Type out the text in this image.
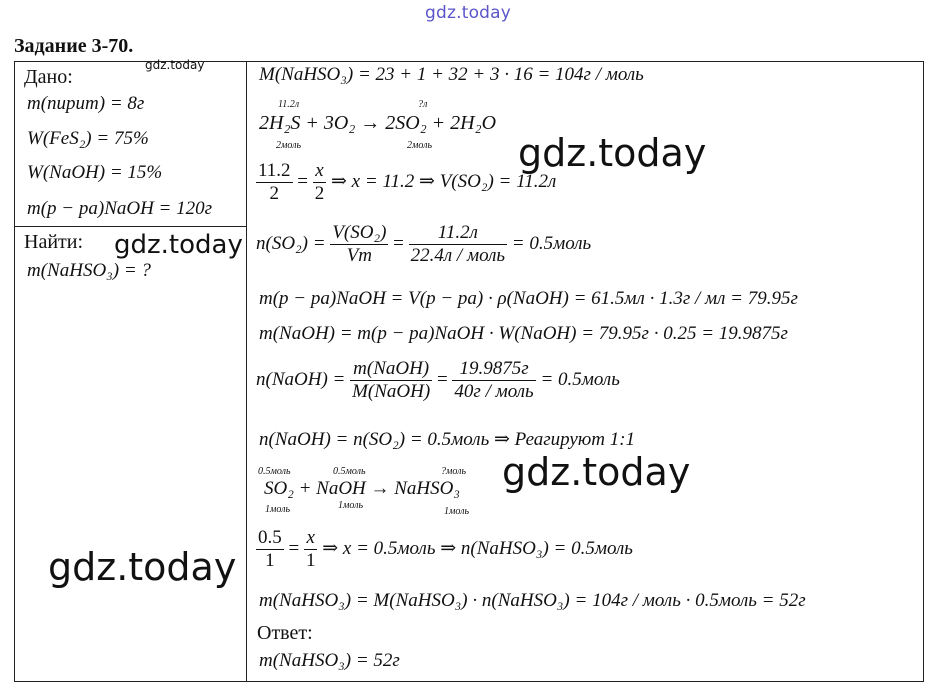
gdz.today
Задание 3-70.
Дано:
gdz.today
m(пирит) = 8г
W(FeS₂) = 75%
W(NaOH) = 15%
m(p − pa)NaOH = 120г
Найти:
m(NaHSO₃) = ?
gdz.today
M(NaHSO₃) = 23 + 1 + 32 + 3 · 16 = 104г / моль
11.2л	?л
2H₂S + 3O₂ → 2SO₂ + 2H₂O
2моль	2моль gdz.today
$\frac{11.2}{2} = \frac{x}{2}$ ⇒ x = 11.2 ⇒ V(SO₂) = 11.2л
$n(SO_2) = \frac{\text{V(SO₂)}}{Vm} = \frac{11.2л}{\text{22.4л / моль}}$ = 0.5моль
m(p − pa)NaOH = V(p − pa) · ρ(NaOH) = 61.5мл · 1.3г / мл = 79.95г
m(NaOH) = m(p − pa)NaOH · W(NaOH) = 79.95г · 0.25 = 19.9875г
n(NaOH) = $\frac{\text{m(NaOH)}}{\text{M(NaOH)}} = \frac{19.9875г}{\text{40г / моль}}$ = 0.5моль
n(NaOH) = n(SO₂) = 0.5моль ⇒ Реагируют 1:1
0.5моль	0.5моль	?моль
SO₂ + NaOH → NaHSO₃
1моль	1моль
1моль
gdz.today
$\frac{0.5}{1} = \frac{x}{1}$ ⇒ x = 0.5моль ⇒ n(NaHSO₃) = 0.5моль
gdz.today
m(NaHSO₃) = M(NaHSO₃) · n(NaHSO₃) = 104г / моль · 0.5моль = 52г
Ответ:
m(NaHSO₃) = 52г
